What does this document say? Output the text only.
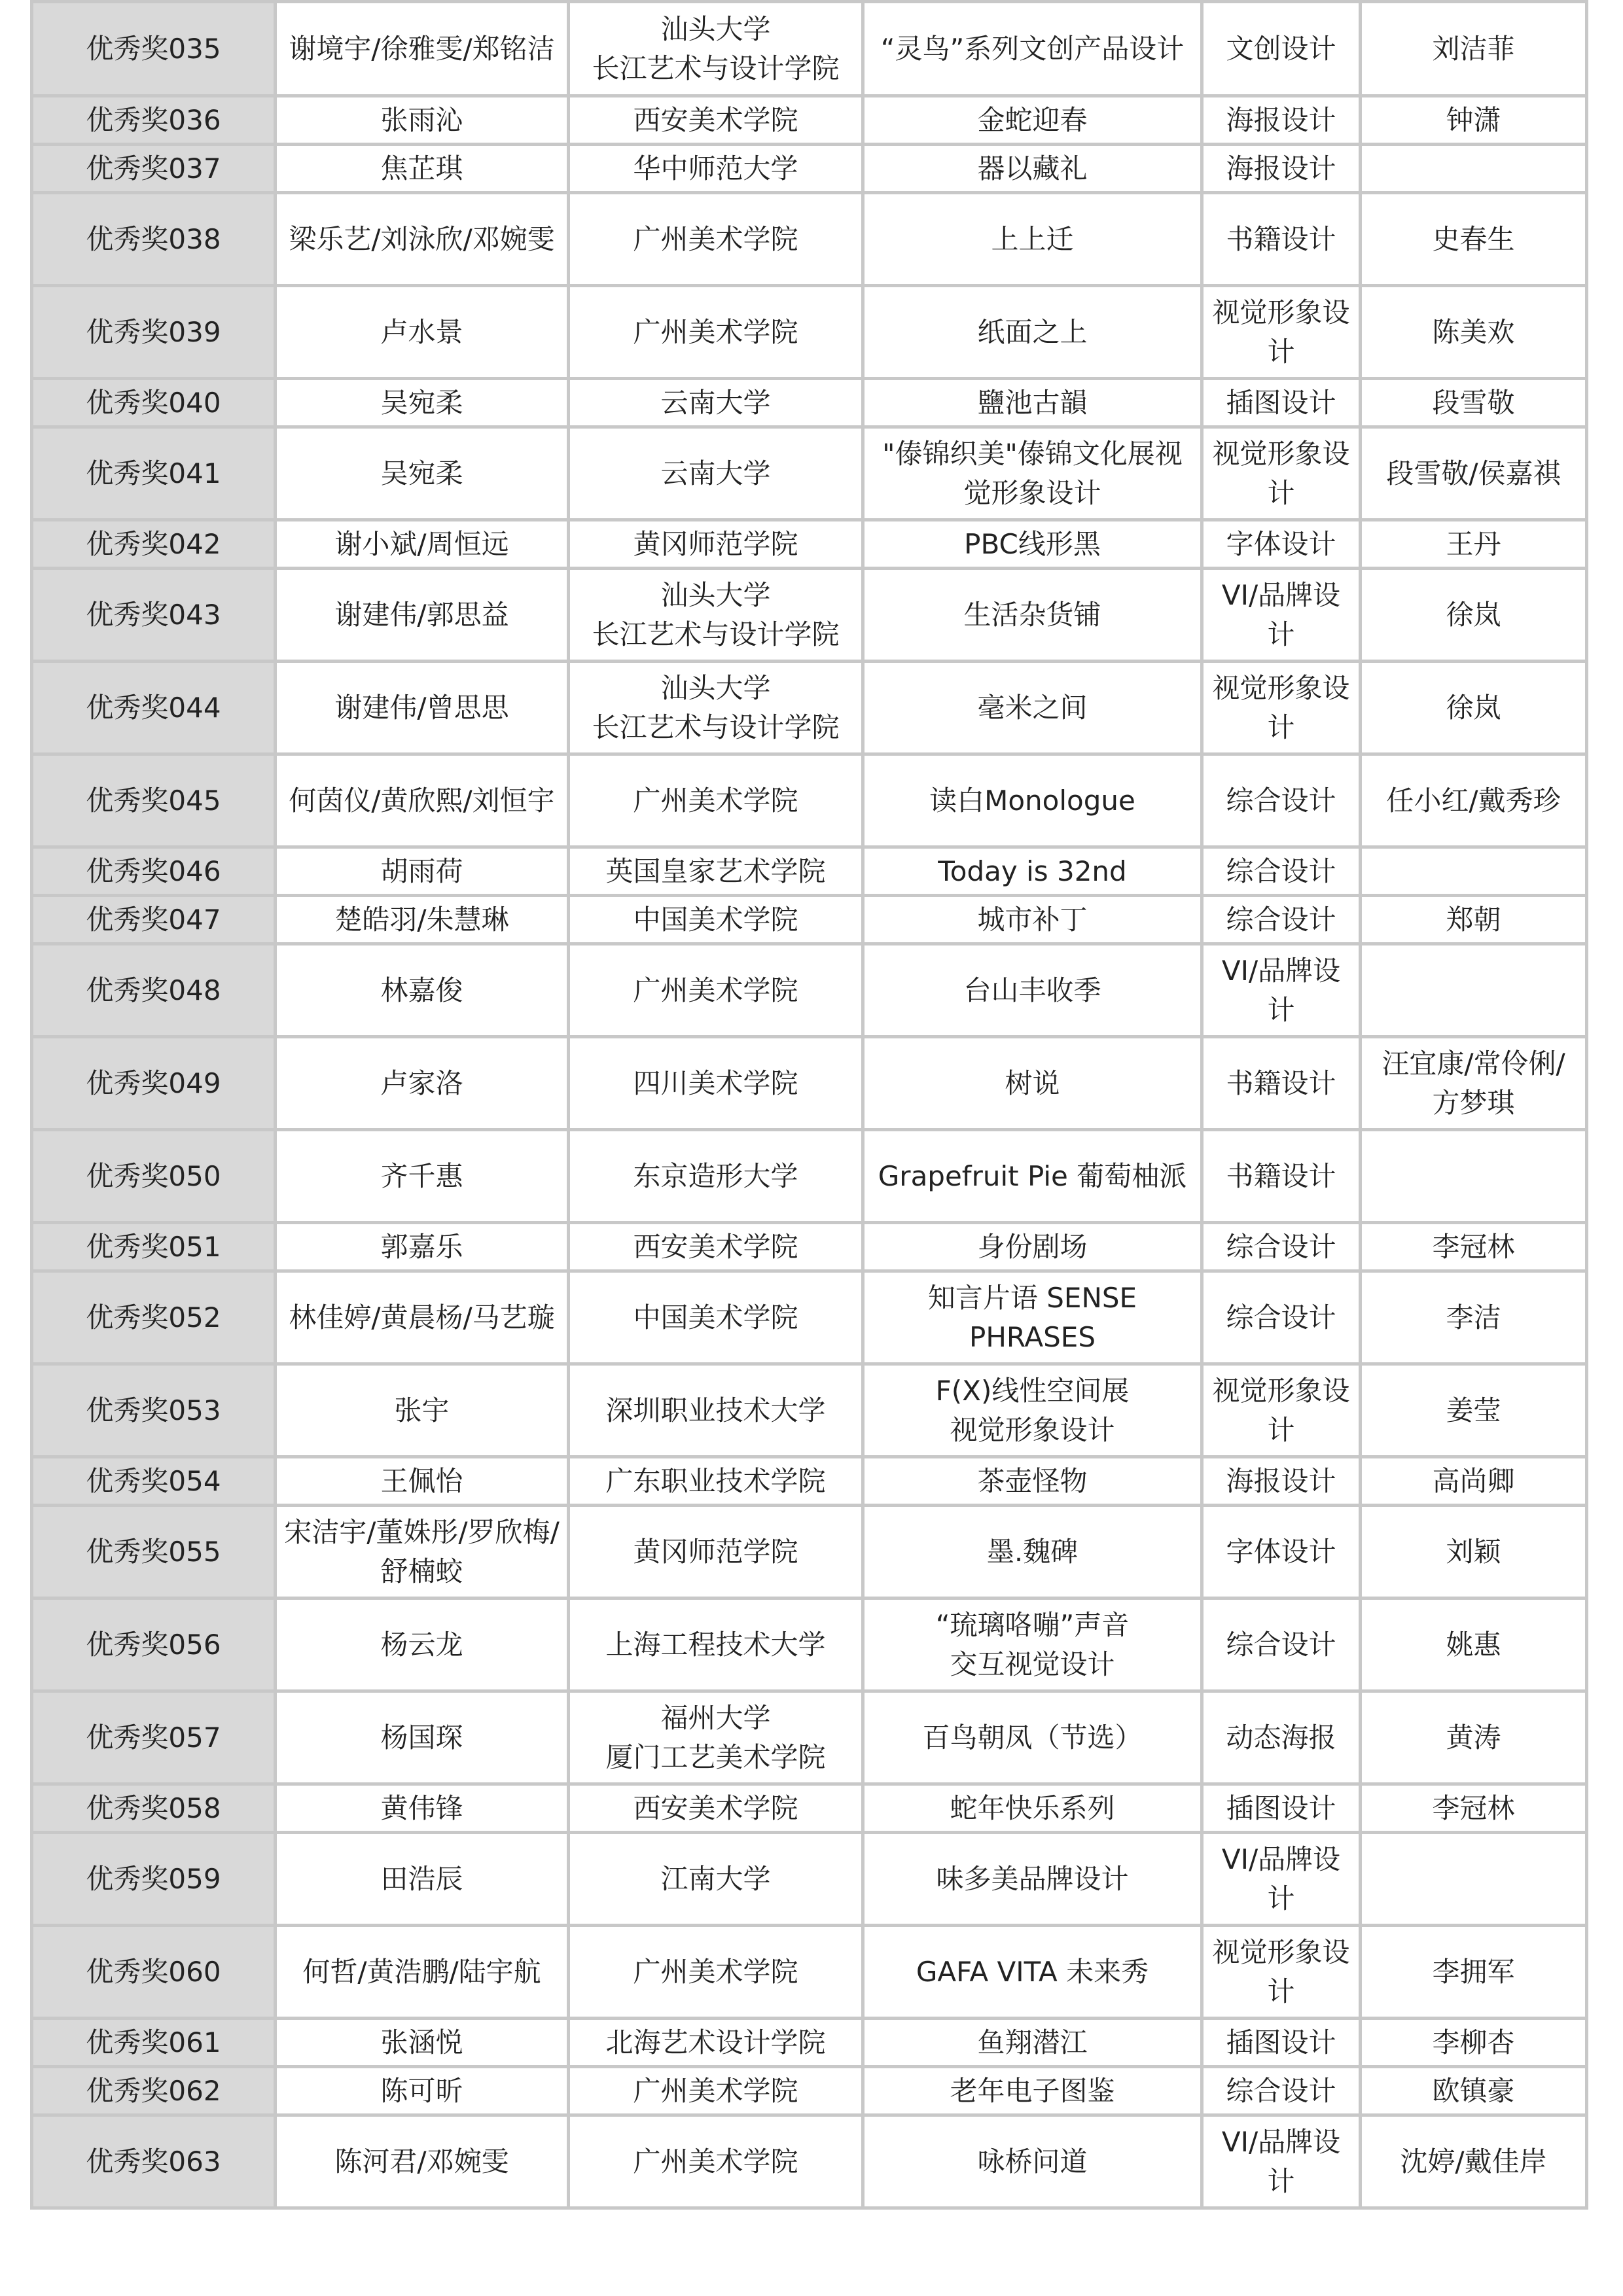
优秀奖035	谢境宇/徐雅雯/郑铭洁	汕头大学
长江艺术与设计学院	“灵鸟”系列文创产品设计	文创设计	刘洁菲
优秀奖036	张雨沁	西安美术学院	金蛇迎春	海报设计	钟潇
优秀奖037	焦芷琪	华中师范大学	器以藏礼	海报设计	
优秀奖038	梁乐艺/刘泳欣/邓婉雯	广州美术学院	上上迁	书籍设计	史春生
优秀奖039	卢水景	广州美术学院	纸面之上	视觉形象设计	陈美欢
优秀奖040	吴宛柔	云南大学	鹽池古韻	插图设计	段雪敬
优秀奖041	吴宛柔	云南大学	"傣锦织美"傣锦文化展视觉形象设计	视觉形象设计	段雪敬/侯嘉祺
优秀奖042	谢小斌/周恒远	黄冈师范学院	PBC线形黑	字体设计	王丹
优秀奖043	谢建伟/郭思益	汕头大学
长江艺术与设计学院	生活杂货铺	VI/品牌设计	徐岚
优秀奖044	谢建伟/曾思思	汕头大学
长江艺术与设计学院	毫米之间	视觉形象设计	徐岚
优秀奖045	何茵仪/黄欣熙/刘恒宇	广州美术学院	读白Monologue	综合设计	任小红/戴秀珍
优秀奖046	胡雨荷	英国皇家艺术学院	Today is 32nd	综合设计	
优秀奖047	楚皓羽/朱慧琳	中国美术学院	城市补丁	综合设计	郑朝
优秀奖048	林嘉俊	广州美术学院	台山丰收季	VI/品牌设计	
优秀奖049	卢家洛	四川美术学院	树说	书籍设计	汪宜康/常伶俐/方梦琪
优秀奖050	齐千惠	东京造形大学	Grapefruit Pie 葡萄柚派	书籍设计	
优秀奖051	郭嘉乐	西安美术学院	身份剧场	综合设计	李冠林
优秀奖052	林佳婷/黄晨杨/马艺璇	中国美术学院	知言片语 SENSE
PHRASES	综合设计	李洁
优秀奖053	张宇	深圳职业技术大学	F(X)线性空间展
视觉形象设计	视觉形象设计	姜莹
优秀奖054	王佩怡	广东职业技术学院	茶壶怪物	海报设计	高尚卿
优秀奖055	宋洁宇/董姝彤/罗欣梅/舒楠蛟	黄冈师范学院	墨.魏碑	字体设计	刘颖
优秀奖056	杨云龙	上海工程技术大学	“琉璃咯嘣”声音
交互视觉设计	综合设计	姚惠
优秀奖057	杨国琛	福州大学
厦门工艺美术学院	百鸟朝凤（节选）	动态海报	黄涛
优秀奖058	黄伟锋	西安美术学院	蛇年快乐系列	插图设计	李冠林
优秀奖059	田浩辰	江南大学	味多美品牌设计	VI/品牌设计	
优秀奖060	何哲/黄浩鹏/陆宇航	广州美术学院	GAFA VITA 未来秀	视觉形象设计	李拥军
优秀奖061	张涵悦	北海艺术设计学院	鱼翔潜江	插图设计	李柳杏
优秀奖062	陈可昕	广州美术学院	老年电子图鉴	综合设计	欧镇豪
优秀奖063	陈河君/邓婉雯	广州美术学院	咏桥问道	VI/品牌设计	沈婷/戴佳岸
